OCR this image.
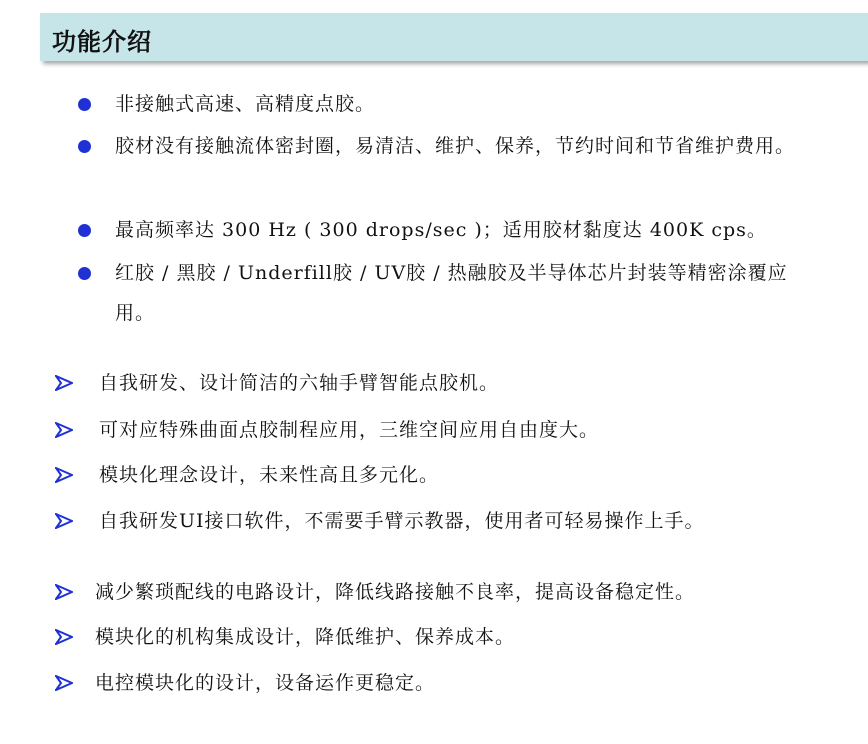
功能介绍
非接触式高速、高精度点胶。
胶材没有接触流体密封圈，易清洁、维护、保养，节约时间和节省维护费用。
最高频率达 300 Hz ( 300 drops/sec )；适用胶材黏度达 400K cps。
红胶 / 黑胶 / Underfill胶 / UV胶 / 热融胶及半导体芯片封装等精密涂覆应用。
自我研发、设计简洁的六轴手臂智能点胶机。
可对应特殊曲面点胶制程应用，三维空间应用自由度大。
模块化理念设计，未来性高且多元化。
自我研发UI接口软件，不需要手臂示教器，使用者可轻易操作上手。
减少繁琐配线的电路设计，降低线路接触不良率，提高设备稳定性。
模块化的机构集成设计，降低维护、保养成本。
电控模块化的设计，设备运作更稳定。
